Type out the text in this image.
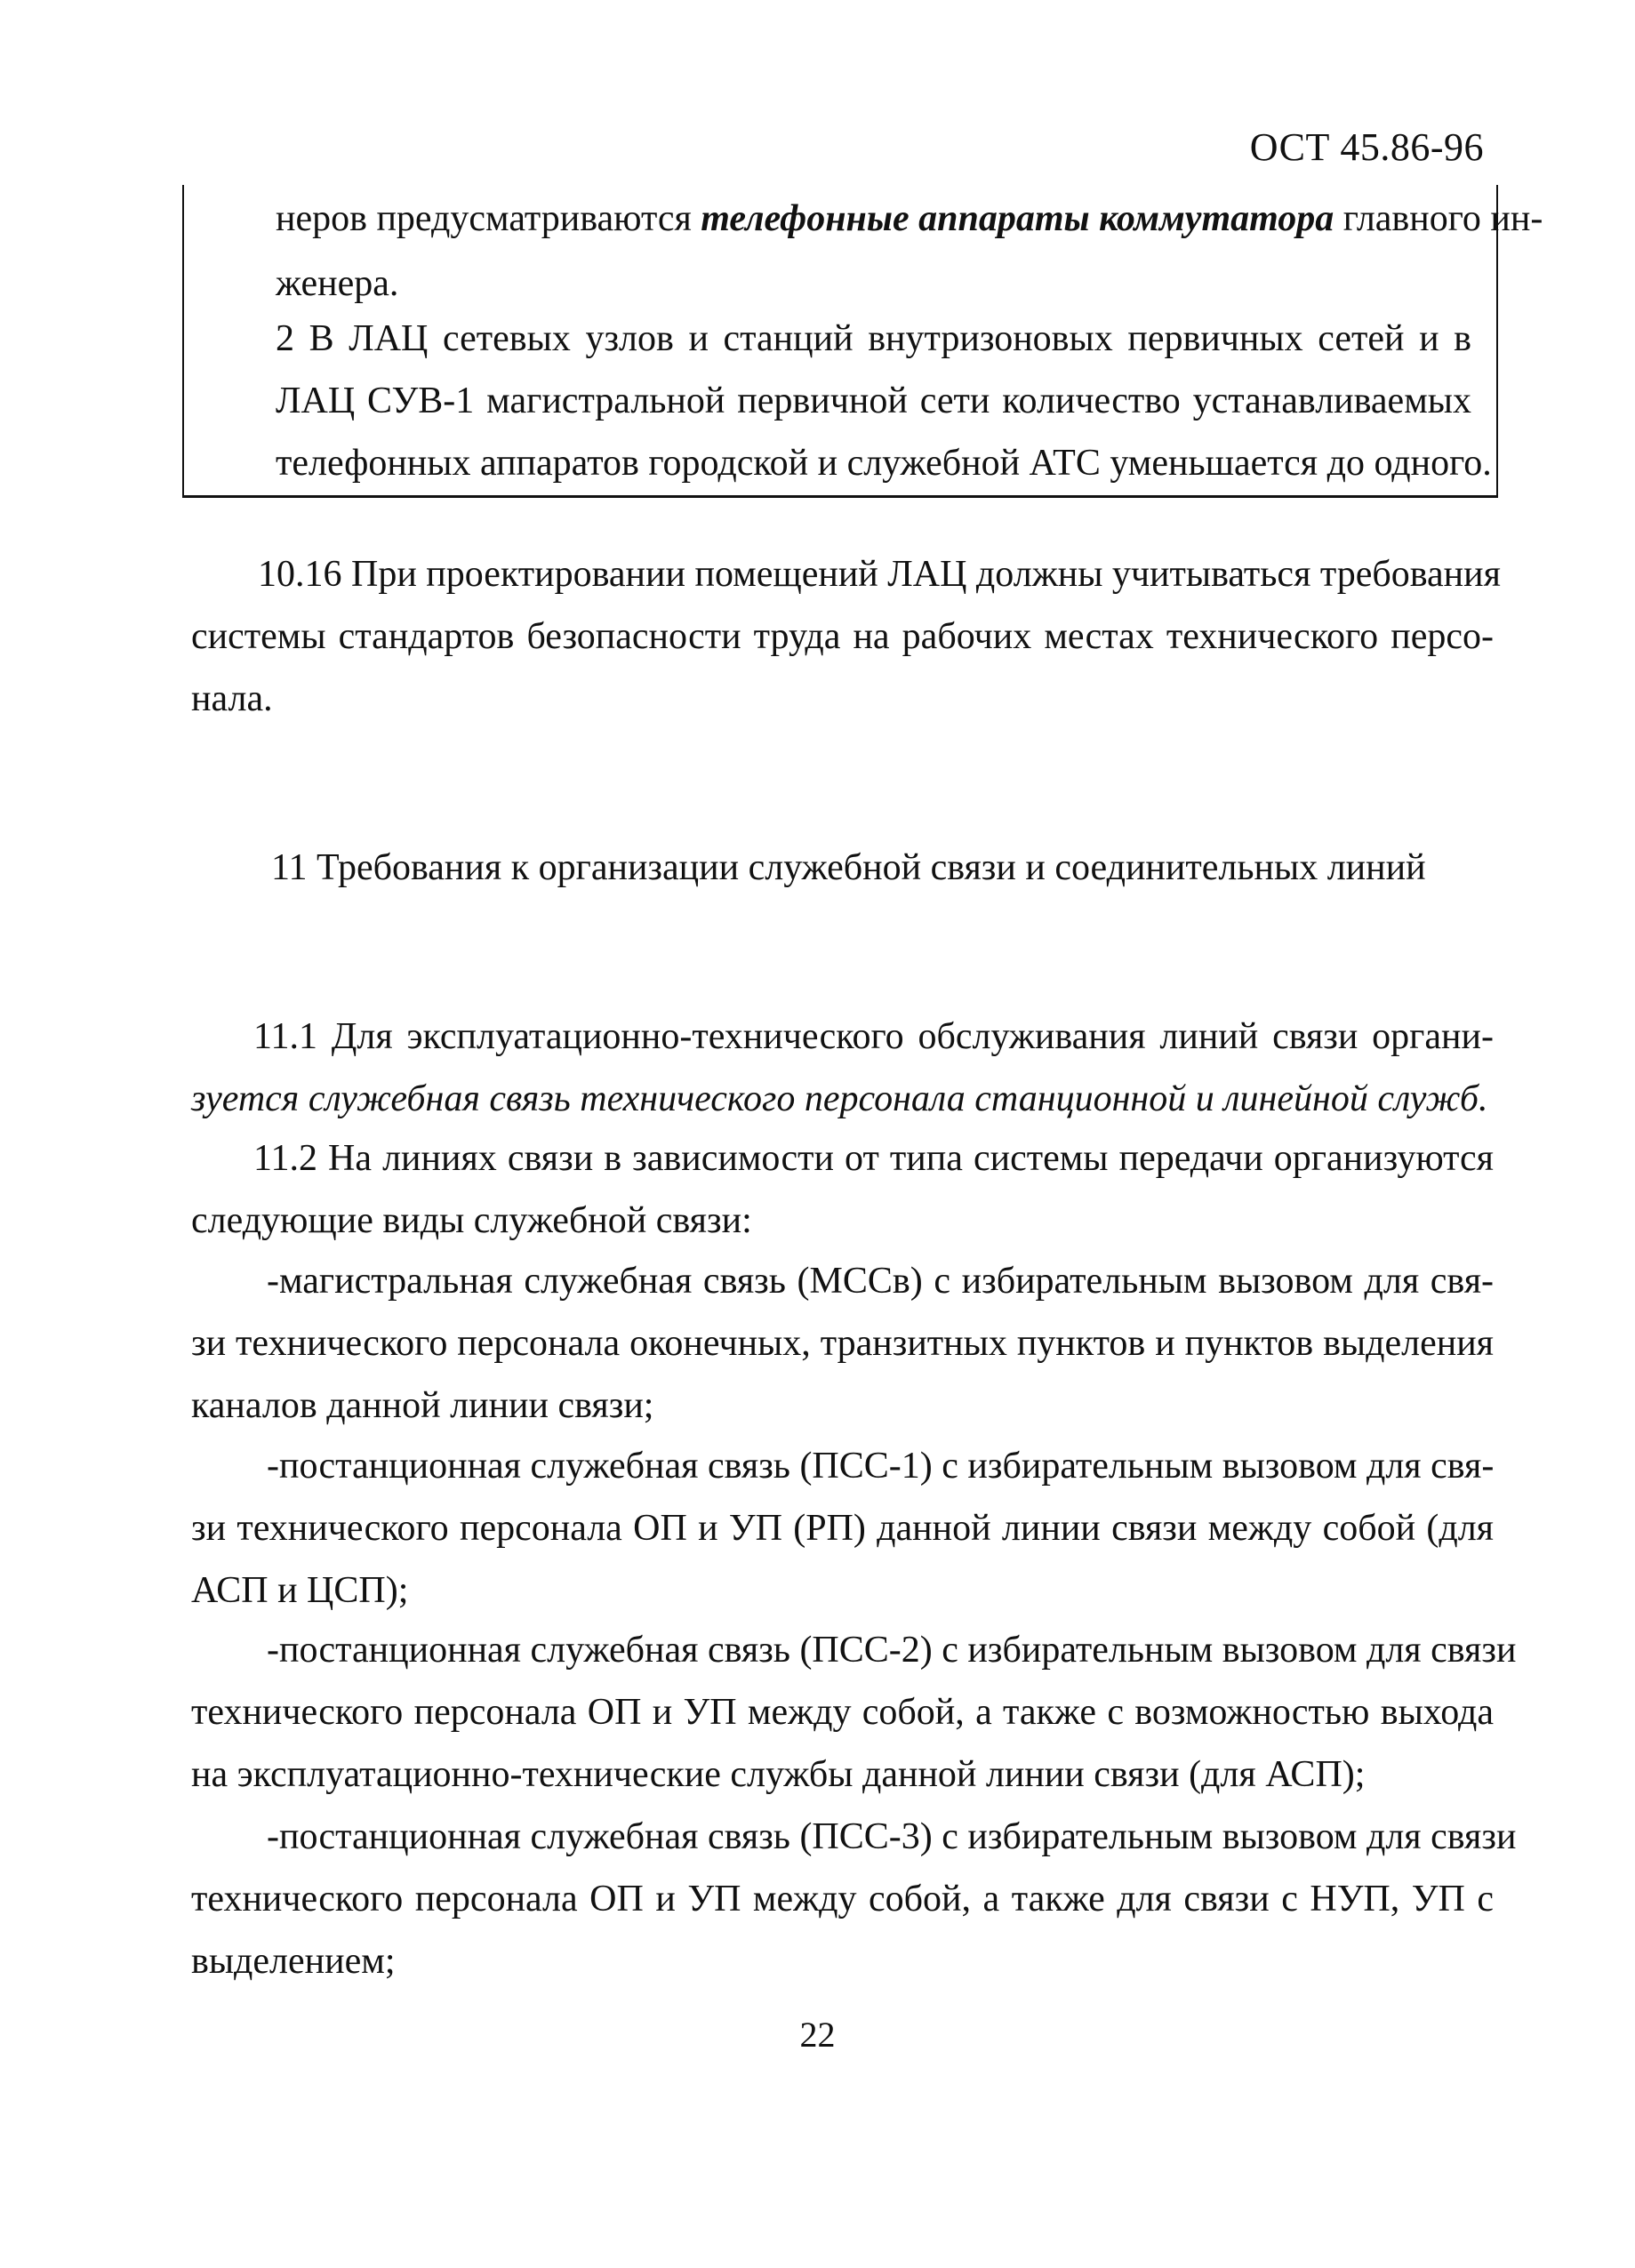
ОСТ 45.86-96
неров предусматриваются телефонные аппараты коммутатора главного ин-
женера.
2 В ЛАЦ сетевых узлов и станций внутризоновых первичных сетей и в
ЛАЦ СУВ-1 магистральной первичной сети количество устанавливаемых
телефонных аппаратов городской и служебной АТС уменьшается до одного.
10.16 При проектировании помещений ЛАЦ должны учитываться требования
системы стандартов безопасности труда на рабочих местах технического персо-
нала.
11 Требования к организации служебной связи и соединительных линий
11.1 Для эксплуатационно-технического обслуживания линий связи органи-
зуется служебная связь технического персонала станционной и линейной служб.
11.2 На линиях связи в зависимости от типа системы передачи организуются
следующие виды служебной связи:
-магистральная служебная связь (МССв) с избирательным вызовом для свя-
зи технического персонала оконечных, транзитных пунктов и пунктов выделения
каналов данной линии связи;
-постанционная служебная связь (ПСС-1) с избирательным вызовом для свя-
зи технического персонала ОП и УП (РП) данной линии связи между собой (для
АСП и ЦСП);
-постанционная служебная связь (ПСС-2) с избирательным вызовом для связи
технического персонала ОП и УП между собой, а также с возможностью выхода
на эксплуатационно-технические службы данной линии связи (для АСП);
-постанционная служебная связь (ПСС-3) с избирательным вызовом для связи
технического персонала ОП и УП между собой, а также для связи с НУП, УП с
выделением;
22
